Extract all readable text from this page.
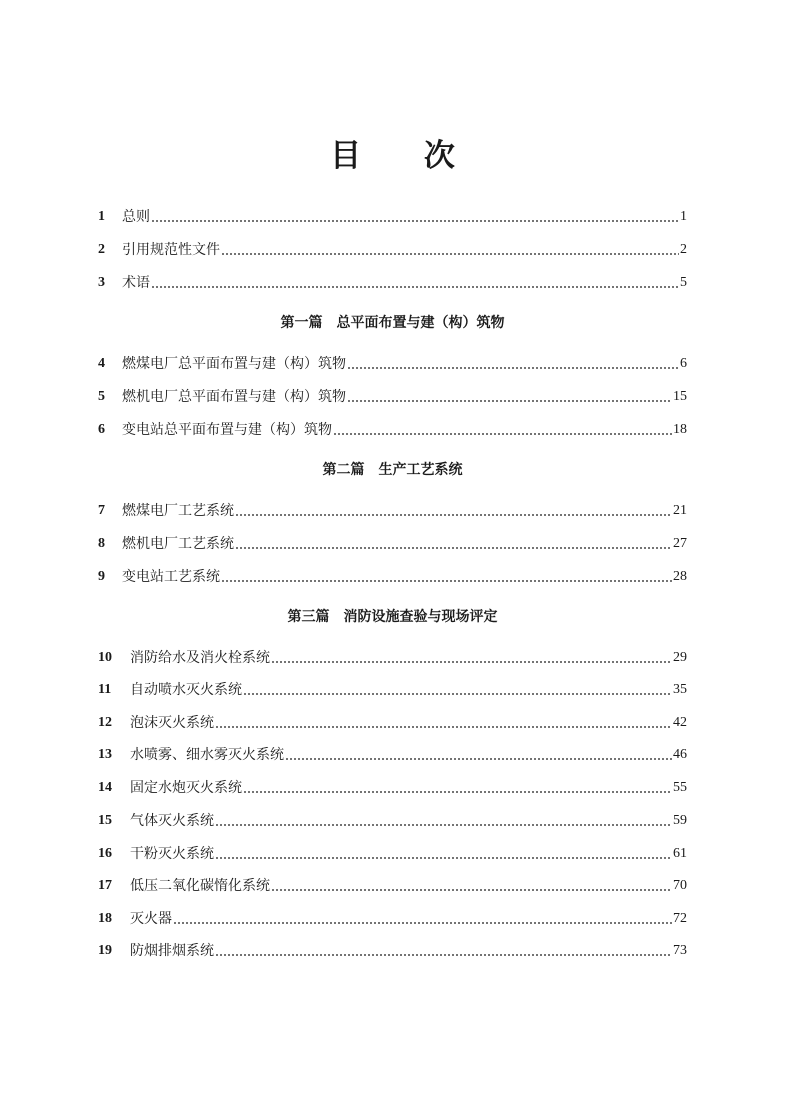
目 次
1	总则	1
2	引用规范性文件	2
3	术语	5
第一篇　总平面布置与建（构）筑物
4	燃煤电厂总平面布置与建（构）筑物	6
5	燃机电厂总平面布置与建（构）筑物	15
6	变电站总平面布置与建（构）筑物	18
第二篇　生产工艺系统
7	燃煤电厂工艺系统	21
8	燃机电厂工艺系统	27
9	变电站工艺系统	28
第三篇　消防设施查验与现场评定
10	消防给水及消火栓系统	29
11	自动喷水灭火系统	35
12	泡沫灭火系统	42
13	水喷雾、细水雾灭火系统	46
14	固定水炮灭火系统	55
15	气体灭火系统	59
16	干粉灭火系统	61
17	低压二氧化碳惰化系统	70
18	灭火器	72
19	防烟排烟系统	73
